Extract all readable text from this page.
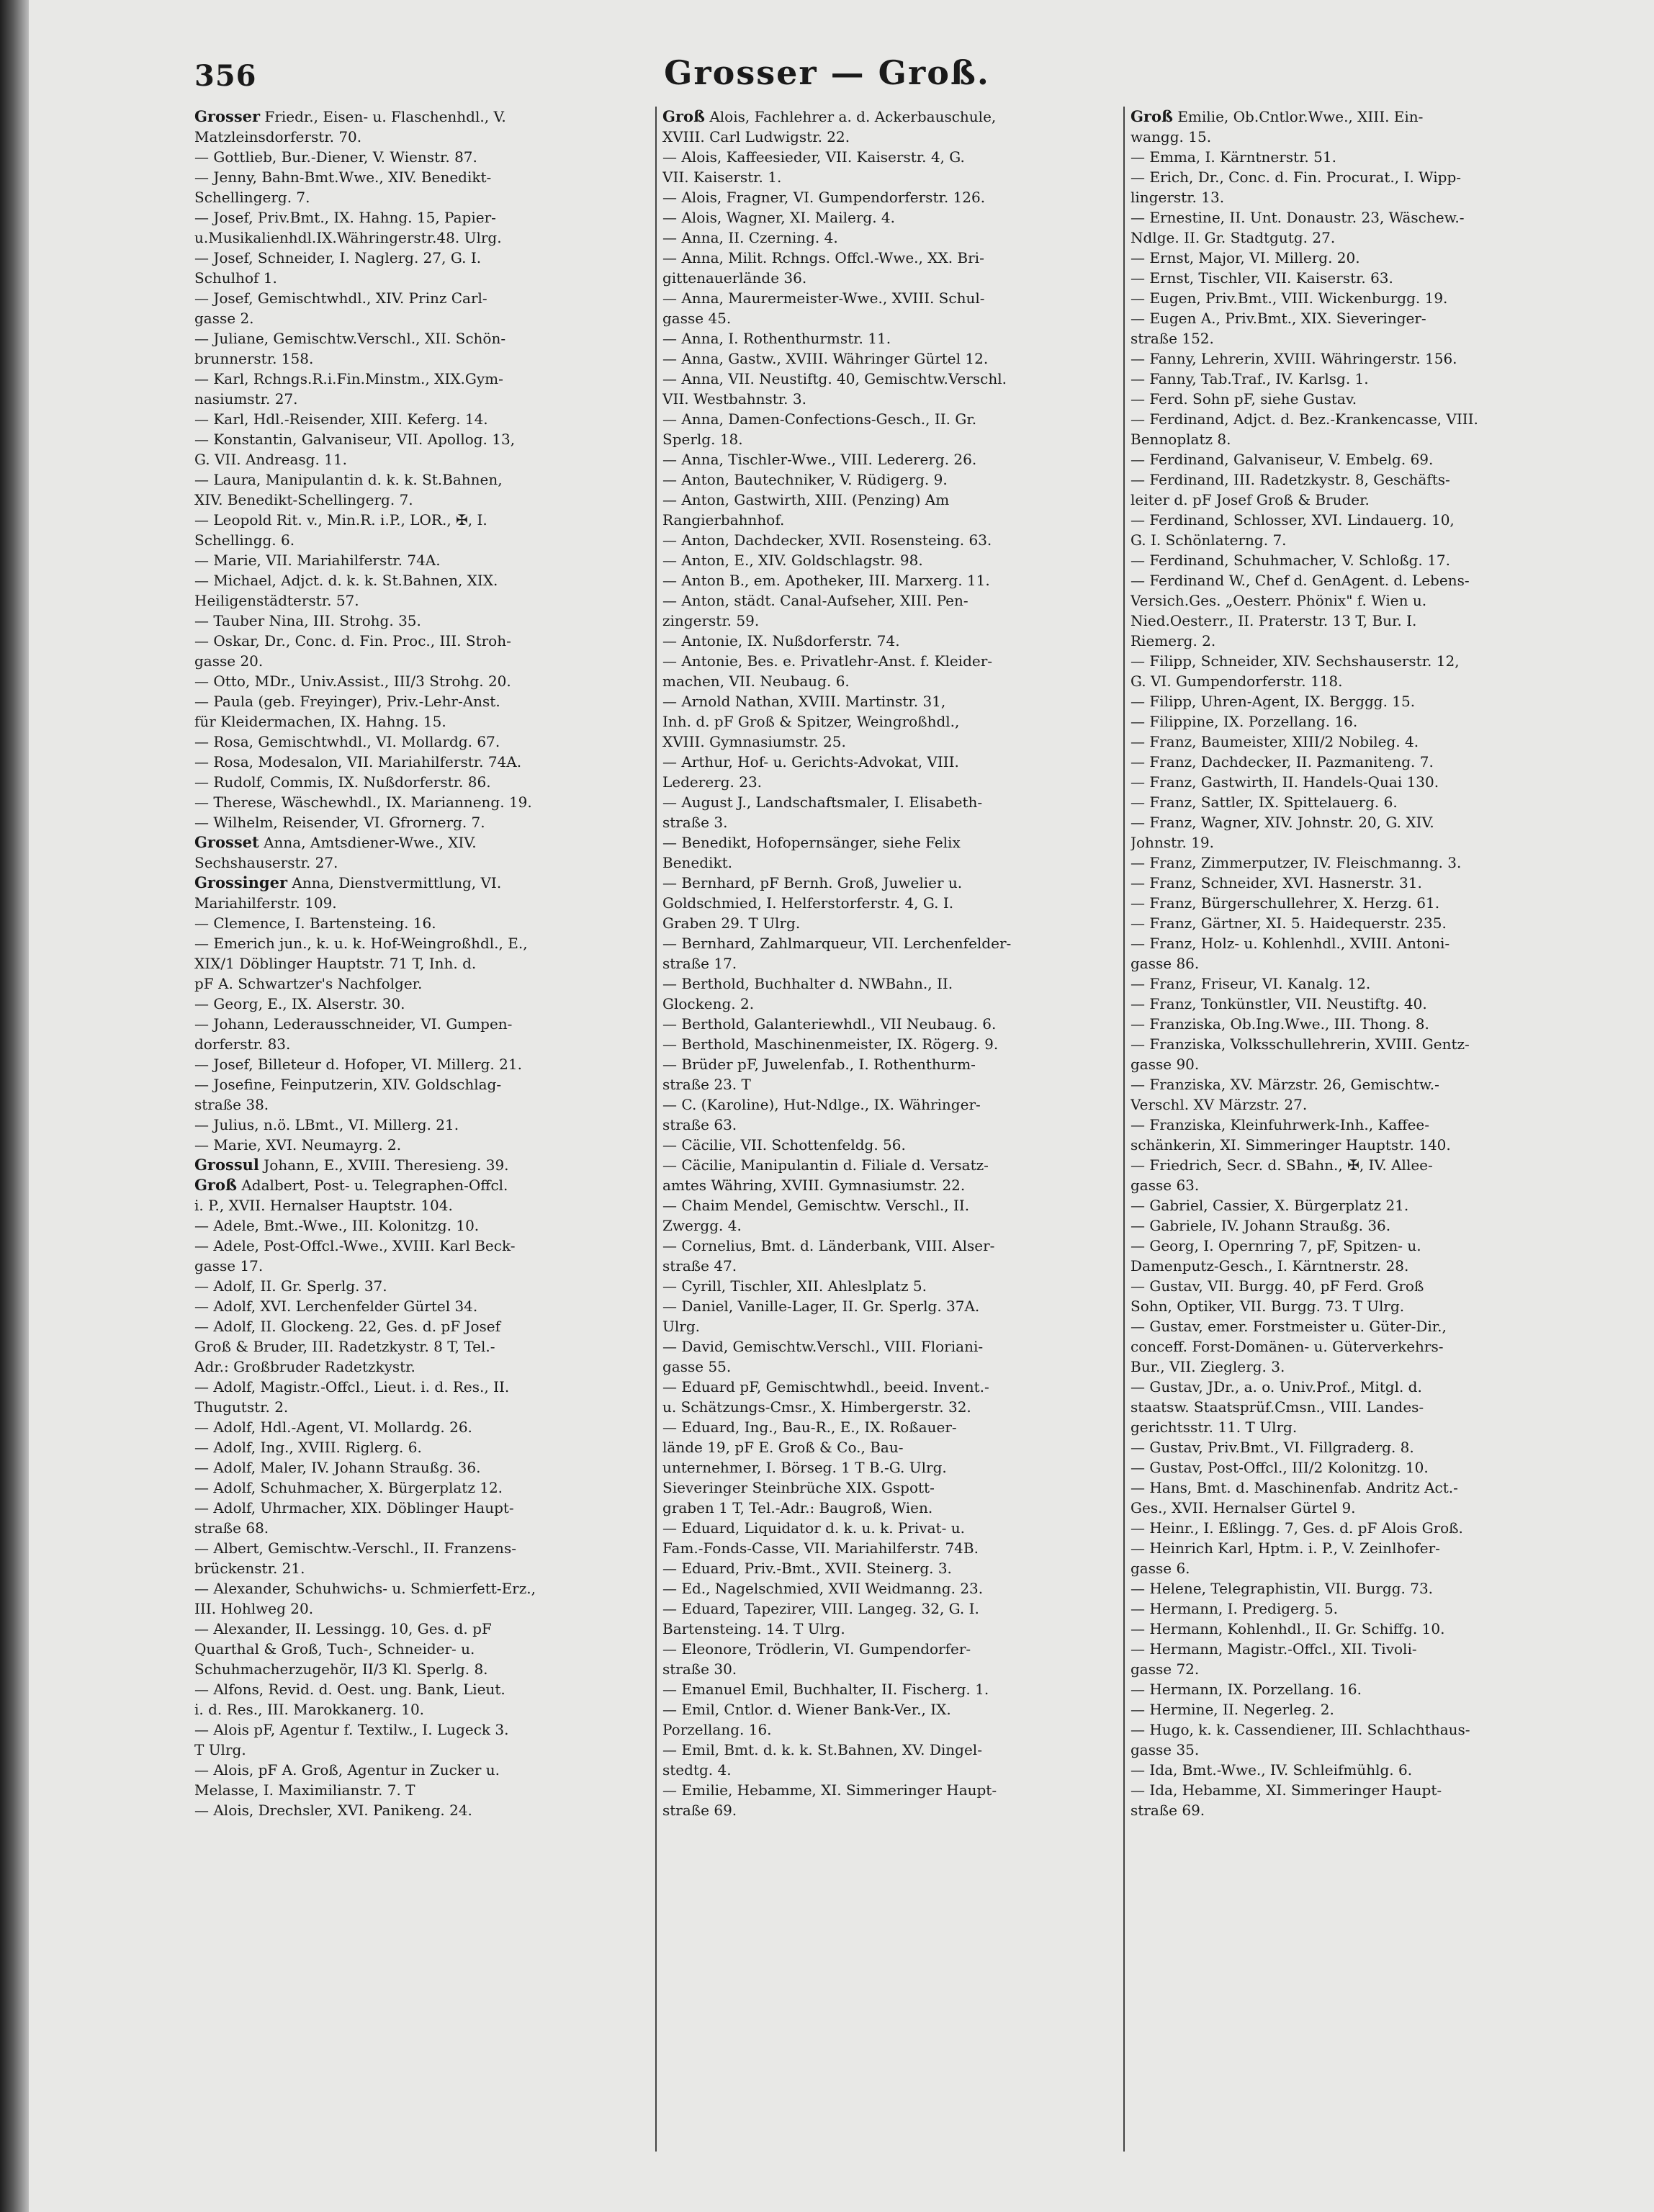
356	Grosser — Groß.
Grosser Friedr., Eisen- u. Flaschenhdl., V.
Matzleinsdorferstr. 70.
— Gottlieb, Bur.-Diener, V. Wienstr. 87.
— Jenny, Bahn-Bmt.Wwe., XIV. Benedikt-
Schellingerg. 7.
— Josef, Priv.Bmt., IX. Hahng. 15, Papier-
u.Musikalienhdl.IX.Währingerstr.48. Ulrg.
— Josef, Schneider, I. Naglerg. 27, G. I.
Schulhof 1.
— Josef, Gemischtwhdl., XIV. Prinz Carl-
gasse 2.
— Juliane, Gemischtw.Verschl., XII. Schön-
brunnerstr. 158.
— Karl, Rchngs.R.i.Fin.Minstm., XIX.Gym-
nasiumstr. 27.
— Karl, Hdl.-Reisender, XIII. Keferg. 14.
— Konstantin, Galvaniseur, VII. Apollog. 13,
G. VII. Andreasg. 11.
— Laura, Manipulantin d. k. k. St.Bahnen,
XIV. Benedikt-Schellingerg. 7.
— Leopold Rit. v., Min.R. i.P., LOR., ✠, I.
Schellingg. 6.
— Marie, VII. Mariahilferstr. 74A.
— Michael, Adjct. d. k. k. St.Bahnen, XIX.
Heiligenstädterstr. 57.
— Tauber Nina, III. Strohg. 35.
— Oskar, Dr., Conc. d. Fin. Proc., III. Stroh-
gasse 20.
— Otto, MDr., Univ.Assist., III/3 Strohg. 20.
— Paula (geb. Freyinger), Priv.-Lehr-Anst.
für Kleidermachen, IX. Hahng. 15.
— Rosa, Gemischtwhdl., VI. Mollardg. 67.
— Rosa, Modesalon, VII. Mariahilferstr. 74A.
— Rudolf, Commis, IX. Nußdorferstr. 86.
— Therese, Wäschewhdl., IX. Marianneng. 19.
— Wilhelm, Reisender, VI. Gfrornerg. 7.
Grosset Anna, Amtsdiener-Wwe., XIV.
Sechshauserstr. 27.
Grossinger Anna, Dienstvermittlung, VI.
Mariahilferstr. 109.
— Clemence, I. Bartensteing. 16.
— Emerich jun., k. u. k. Hof-Weingroßhdl., E.,
XIX/1 Döblinger Hauptstr. 71 T, Inh. d.
pF A. Schwartzer's Nachfolger.
— Georg, E., IX. Alserstr. 30.
— Johann, Lederausschneider, VI. Gumpen-
dorferstr. 83.
— Josef, Billeteur d. Hofoper, VI. Millerg. 21.
— Josefine, Feinputzerin, XIV. Goldschlag-
straße 38.
— Julius, n.ö. LBmt., VI. Millerg. 21.
— Marie, XVI. Neumayrg. 2.
Grossul Johann, E., XVIII. Theresieng. 39.
Groß Adalbert, Post- u. Telegraphen-Offcl.
i. P., XVII. Hernalser Hauptstr. 104.
— Adele, Bmt.-Wwe., III. Kolonitzg. 10.
— Adele, Post-Offcl.-Wwe., XVIII. Karl Beck-
gasse 17.
— Adolf, II. Gr. Sperlg. 37.
— Adolf, XVI. Lerchenfelder Gürtel 34.
— Adolf, II. Glockeng. 22, Ges. d. pF Josef
Groß & Bruder, III. Radetzkystr. 8 T, Tel.-
Adr.: Großbruder Radetzkystr.
— Adolf, Magistr.-Offcl., Lieut. i. d. Res., II.
Thugutstr. 2.
— Adolf, Hdl.-Agent, VI. Mollardg. 26.
— Adolf, Ing., XVIII. Riglerg. 6.
— Adolf, Maler, IV. Johann Straußg. 36.
— Adolf, Schuhmacher, X. Bürgerplatz 12.
— Adolf, Uhrmacher, XIX. Döblinger Haupt-
straße 68.
— Albert, Gemischtw.-Verschl., II. Franzens-
brückenstr. 21.
— Alexander, Schuhwichs- u. Schmierfett-Erz.,
III. Hohlweg 20.
— Alexander, II. Lessingg. 10, Ges. d. pF
Quarthal & Groß, Tuch-, Schneider- u.
Schuhmacherzugehör, II/3 Kl. Sperlg. 8.
— Alfons, Revid. d. Oest. ung. Bank, Lieut.
i. d. Res., III. Marokkanerg. 10.
— Alois pF, Agentur f. Textilw., I. Lugeck 3.
T Ulrg.
— Alois, pF A. Groß, Agentur in Zucker u.
Melasse, I. Maximilianstr. 7. T
— Alois, Drechsler, XVI. Panikeng. 24.
Groß Alois, Fachlehrer a. d. Ackerbauschule,
XVIII. Carl Ludwigstr. 22.
— Alois, Kaffeesieder, VII. Kaiserstr. 4, G.
VII. Kaiserstr. 1.
— Alois, Fragner, VI. Gumpendorferstr. 126.
— Alois, Wagner, XI. Mailerg. 4.
— Anna, II. Czerning. 4.
— Anna, Milit. Rchngs. Offcl.-Wwe., XX. Bri-
gittenauerlände 36.
— Anna, Maurermeister-Wwe., XVIII. Schul-
gasse 45.
— Anna, I. Rothenthurmstr. 11.
— Anna, Gastw., XVIII. Währinger Gürtel 12.
— Anna, VII. Neustiftg. 40, Gemischtw.Verschl.
VII. Westbahnstr. 3.
— Anna, Damen-Confections-Gesch., II. Gr.
Sperlg. 18.
— Anna, Tischler-Wwe., VIII. Ledererg. 26.
— Anton, Bautechniker, V. Rüdigerg. 9.
— Anton, Gastwirth, XIII. (Penzing) Am
Rangierbahnhof.
— Anton, Dachdecker, XVII. Rosensteing. 63.
— Anton, E., XIV. Goldschlagstr. 98.
— Anton B., em. Apotheker, III. Marxerg. 11.
— Anton, städt. Canal-Aufseher, XIII. Pen-
zingerstr. 59.
— Antonie, IX. Nußdorferstr. 74.
— Antonie, Bes. e. Privatlehr-Anst. f. Kleider-
machen, VII. Neubaug. 6.
— Arnold Nathan, XVIII. Martinstr. 31,
Inh. d. pF Groß & Spitzer, Weingroßhdl.,
XVIII. Gymnasiumstr. 25.
— Arthur, Hof- u. Gerichts-Advokat, VIII.
Ledererg. 23.
— August J., Landschaftsmaler, I. Elisabeth-
straße 3.
— Benedikt, Hofopernsänger, siehe Felix
Benedikt.
— Bernhard, pF Bernh. Groß, Juwelier u.
Goldschmied, I. Helferstorferstr. 4, G. I.
Graben 29. T Ulrg.
— Bernhard, Zahlmarqueur, VII. Lerchenfelder-
straße 17.
— Berthold, Buchhalter d. NWBahn., II.
Glockeng. 2.
— Berthold, Galanteriewhdl., VII Neubaug. 6.
— Berthold, Maschinenmeister, IX. Rögerg. 9.
— Brüder pF, Juwelenfab., I. Rothenthurm-
straße 23. T
— C. (Karoline), Hut-Ndlge., IX. Währinger-
straße 63.
— Cäcilie, VII. Schottenfeldg. 56.
— Cäcilie, Manipulantin d. Filiale d. Versatz-
amtes Währing, XVIII. Gymnasiumstr. 22.
— Chaim Mendel, Gemischtw. Verschl., II.
Zwergg. 4.
— Cornelius, Bmt. d. Länderbank, VIII. Alser-
straße 47.
— Cyrill, Tischler, XII. Ahleslplatz 5.
— Daniel, Vanille-Lager, II. Gr. Sperlg. 37A.
Ulrg.
— David, Gemischtw.Verschl., VIII. Floriani-
gasse 55.
— Eduard pF, Gemischtwhdl., beeid. Invent.-
u. Schätzungs-Cmsr., X. Himbergerstr. 32.
— Eduard, Ing., Bau-R., E., IX. Roßauer-
lände 19, pF E. Groß & Co., Bau-
unternehmer, I. Börseg. 1 T B.-G. Ulrg.
Sieveringer Steinbrüche XIX. Gspott-
graben 1 T, Tel.-Adr.: Baugroß, Wien.
— Eduard, Liquidator d. k. u. k. Privat- u.
Fam.-Fonds-Casse, VII. Mariahilferstr. 74B.
— Eduard, Priv.-Bmt., XVII. Steinerg. 3.
— Ed., Nagelschmied, XVII Weidmanng. 23.
— Eduard, Tapezirer, VIII. Langeg. 32, G. I.
Bartensteing. 14. T Ulrg.
— Eleonore, Trödlerin, VI. Gumpendorfer-
straße 30.
— Emanuel Emil, Buchhalter, II. Fischerg. 1.
— Emil, Cntlor. d. Wiener Bank-Ver., IX.
Porzellang. 16.
— Emil, Bmt. d. k. k. St.Bahnen, XV. Dingel-
stedtg. 4.
— Emilie, Hebamme, XI. Simmeringer Haupt-
straße 69.
Groß Emilie, Ob.Cntlor.Wwe., XIII. Ein-
wangg. 15.
— Emma, I. Kärntnerstr. 51.
— Erich, Dr., Conc. d. Fin. Procurat., I. Wipp-
lingerstr. 13.
— Ernestine, II. Unt. Donaustr. 23, Wäschew.-
Ndlge. II. Gr. Stadtgutg. 27.
— Ernst, Major, VI. Millerg. 20.
— Ernst, Tischler, VII. Kaiserstr. 63.
— Eugen, Priv.Bmt., VIII. Wickenburgg. 19.
— Eugen A., Priv.Bmt., XIX. Sieveringer-
straße 152.
— Fanny, Lehrerin, XVIII. Währingerstr. 156.
— Fanny, Tab.Traf., IV. Karlsg. 1.
— Ferd. Sohn pF, siehe Gustav.
— Ferdinand, Adjct. d. Bez.-Krankencasse, VIII.
Bennoplatz 8.
— Ferdinand, Galvaniseur, V. Embelg. 69.
— Ferdinand, III. Radetzkystr. 8, Geschäfts-
leiter d. pF Josef Groß & Bruder.
— Ferdinand, Schlosser, XVI. Lindauerg. 10,
G. I. Schönlaterng. 7.
— Ferdinand, Schuhmacher, V. Schloßg. 17.
— Ferdinand W., Chef d. GenAgent. d. Lebens-
Versich.Ges. „Oesterr. Phönix" f. Wien u.
Nied.Oesterr., II. Praterstr. 13 T, Bur. I.
Riemerg. 2.
— Filipp, Schneider, XIV. Sechshauserstr. 12,
G. VI. Gumpendorferstr. 118.
— Filipp, Uhren-Agent, IX. Berggg. 15.
— Filippine, IX. Porzellang. 16.
— Franz, Baumeister, XIII/2 Nobileg. 4.
— Franz, Dachdecker, II. Pazmaniteng. 7.
— Franz, Gastwirth, II. Handels-Quai 130.
— Franz, Sattler, IX. Spittelauerg. 6.
— Franz, Wagner, XIV. Johnstr. 20, G. XIV.
Johnstr. 19.
— Franz, Zimmerputzer, IV. Fleischmanng. 3.
— Franz, Schneider, XVI. Hasnerstr. 31.
— Franz, Bürgerschullehrer, X. Herzg. 61.
— Franz, Gärtner, XI. 5. Haidequerstr. 235.
— Franz, Holz- u. Kohlenhdl., XVIII. Antoni-
gasse 86.
— Franz, Friseur, VI. Kanalg. 12.
— Franz, Tonkünstler, VII. Neustiftg. 40.
— Franziska, Ob.Ing.Wwe., III. Thong. 8.
— Franziska, Volksschullehrerin, XVIII. Gentz-
gasse 90.
— Franziska, XV. Märzstr. 26, Gemischtw.-
Verschl. XV Märzstr. 27.
— Franziska, Kleinfuhrwerk-Inh., Kaffee-
schänkerin, XI. Simmeringer Hauptstr. 140.
— Friedrich, Secr. d. SBahn., ✠, IV. Allee-
gasse 63.
— Gabriel, Cassier, X. Bürgerplatz 21.
— Gabriele, IV. Johann Straußg. 36.
— Georg, I. Opernring 7, pF, Spitzen- u.
Damenputz-Gesch., I. Kärntnerstr. 28.
— Gustav, VII. Burgg. 40, pF Ferd. Groß
Sohn, Optiker, VII. Burgg. 73. T Ulrg.
— Gustav, emer. Forstmeister u. Güter-Dir.,
conceff. Forst-Domänen- u. Güterverkehrs-
Bur., VII. Zieglerg. 3.
— Gustav, JDr., a. o. Univ.Prof., Mitgl. d.
staatsw. Staatsprüf.Cmsn., VIII. Landes-
gerichtsstr. 11. T Ulrg.
— Gustav, Priv.Bmt., VI. Fillgraderg. 8.
— Gustav, Post-Offcl., III/2 Kolonitzg. 10.
— Hans, Bmt. d. Maschinenfab. Andritz Act.-
Ges., XVII. Hernalser Gürtel 9.
— Heinr., I. Eßlingg. 7, Ges. d. pF Alois Groß.
— Heinrich Karl, Hptm. i. P., V. Zeinlhofer-
gasse 6.
— Helene, Telegraphistin, VII. Burgg. 73.
— Hermann, I. Predigerg. 5.
— Hermann, Kohlenhdl., II. Gr. Schiffg. 10.
— Hermann, Magistr.-Offcl., XII. Tivoli-
gasse 72.
— Hermann, IX. Porzellang. 16.
— Hermine, II. Negerleg. 2.
— Hugo, k. k. Cassendiener, III. Schlachthaus-
gasse 35.
— Ida, Bmt.-Wwe., IV. Schleifmühlg. 6.
— Ida, Hebamme, XI. Simmeringer Haupt-
straße 69.
